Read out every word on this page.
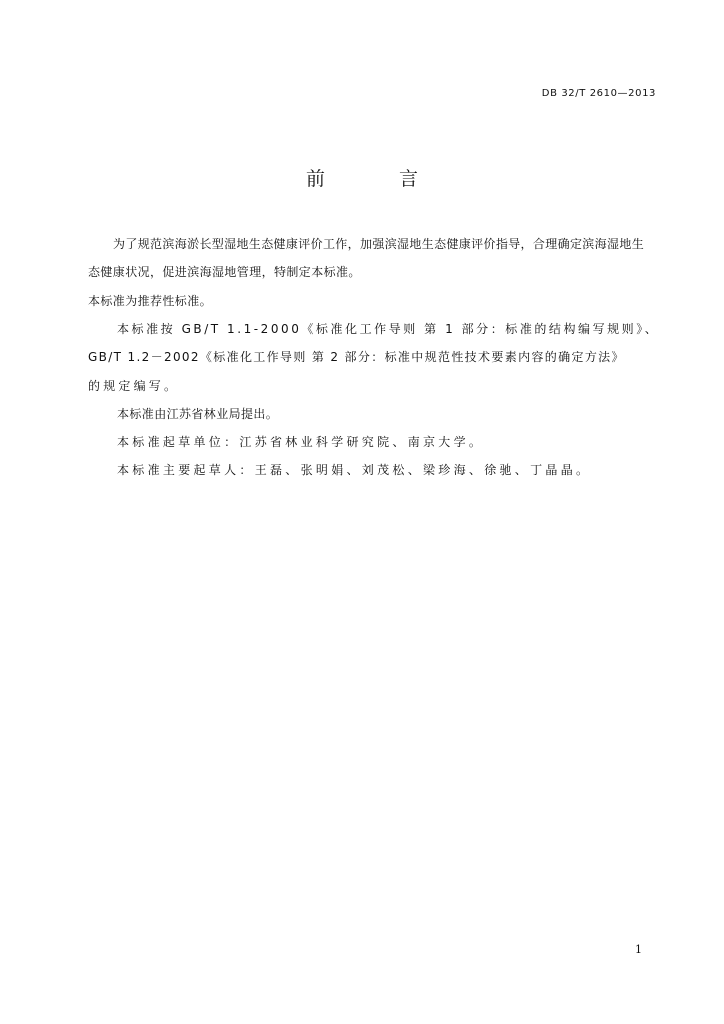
DB 32/T 2610—2013
前 言
为了规范滨海淤长型湿地生态健康评价工作，加强滨湿地生态健康评价指导，合理确定滨海湿地生
态健康状况，促进滨海湿地管理，特制定本标准。
本标准为推荐性标准。
本标准按 GB/T 1.1-2000《标准化工作导则 第 1 部分：标准的结构编写规则》、
GB/T 1.2－2002《标准化工作导则 第 2 部分：标准中规范性技术要素内容的确定方法》
的规定编写。
本标准由江苏省林业局提出。
本标准起草单位：江苏省林业科学研究院、南京大学。
本标准主要起草人：王磊、张明娟、刘茂松、梁珍海、徐驰、丁晶晶。
1
